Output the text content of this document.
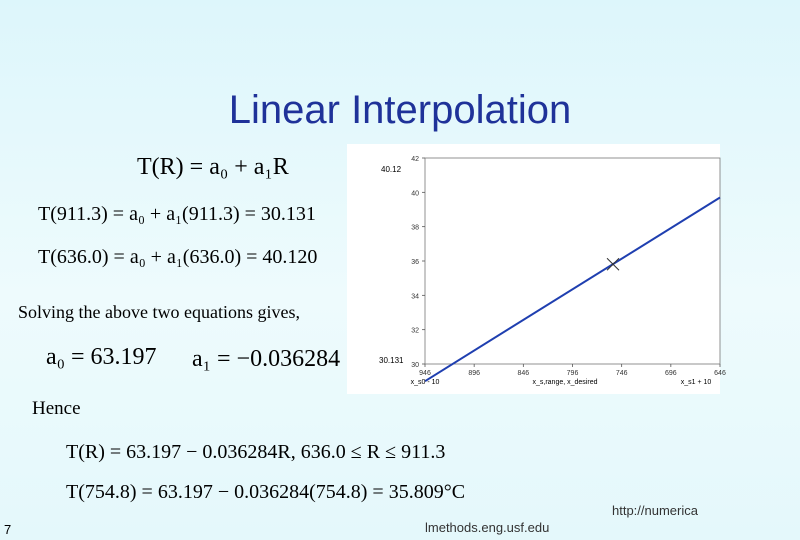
Linear Interpolation
T(R) = a₀ + a₁R
T(911.3) = a₀ + a₁(911.3) = 30.131
T(636.0) = a₀ + a₁(636.0) = 40.120
Solving the above two equations gives,
a₀ = 63.197 a₁ = −0.036284
Hence
T(R) = 63.197 − 0.036284R, 636.0 ≤ R ≤ 911.3
T(754.8) = 63.197 − 0.036284(754.8) = 35.809°C
40.12
30.131
42
40
38
36
34
32
30
946	896	846	796	746	696	646
x_s0 - 10	x_s,range, x_desired	x_s1 + 10
http://numerica
lmethods.eng.usf.edu
7
